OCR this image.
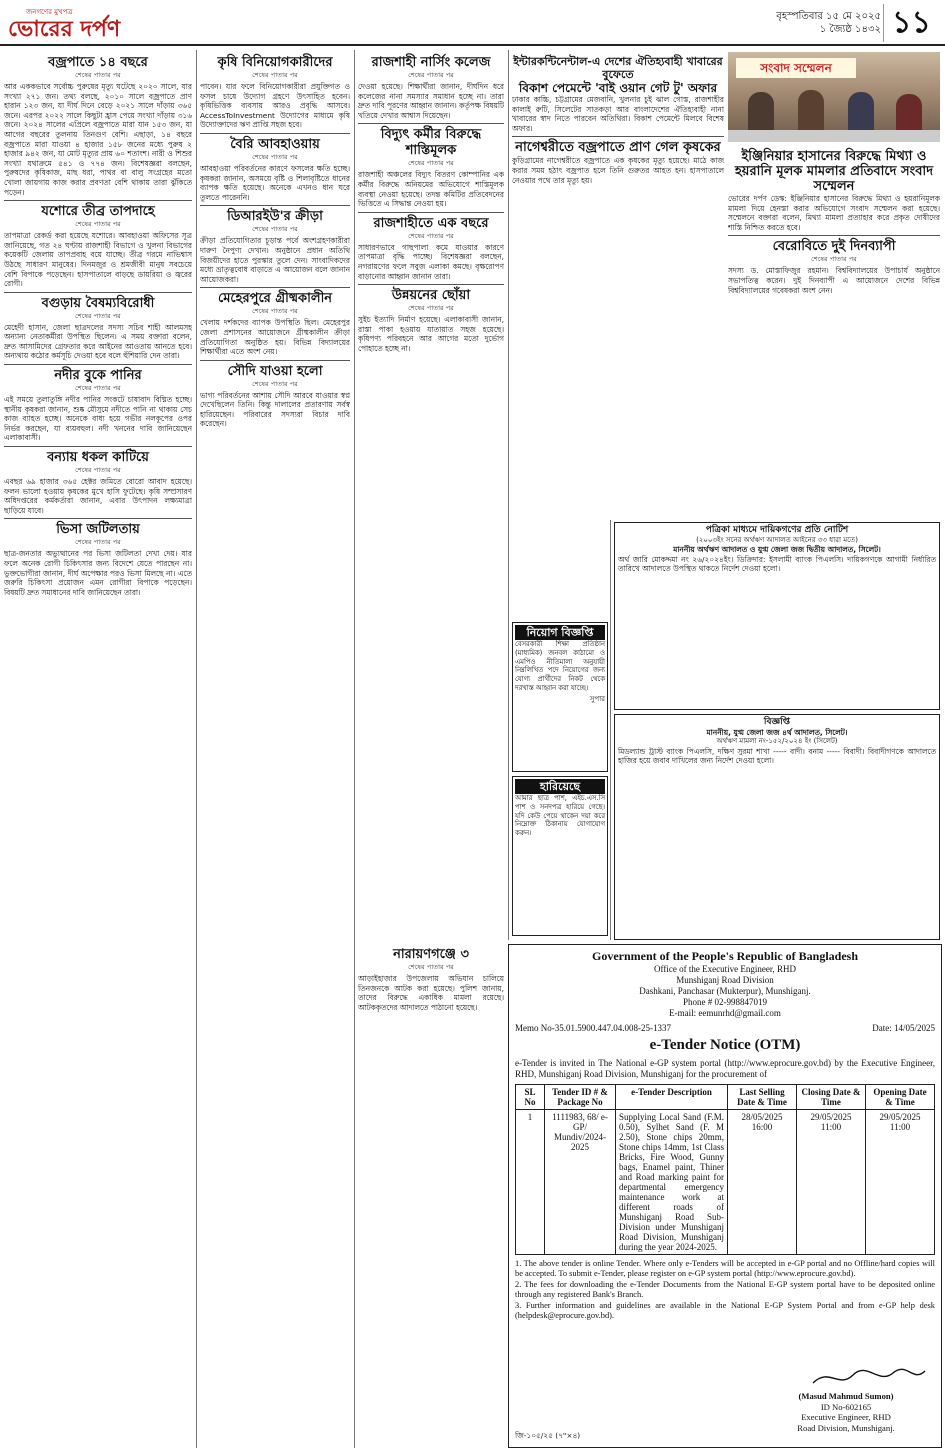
জনগণের মুখপত্র
ভোরের দর্পণ
বৃহস্পতিবার ১৫ মে ২০২৫
১ জ্যৈষ্ঠ ১৪৩২ ১১
বজ্রপাতে ১৪ বছরে
শেষের পাতার পর

আর এককভাবে সর্বোচ্চ পুরুষের মৃত্যু ঘটেছে ২০২০ সালে, যার সংখ্যা ২৭১ জন। তথ্য বলছে, ২০১০ সালে বজ্রপাতে প্রাণ হারান ১২৩ জন, যা দীর্ঘ দিনে বেড়ে ২০২১ সালে দাঁড়ায় ৩৬৫ জনে। এরপর ২০২২ সালে কিছুটা হ্রাস পেয়ে সংখ্যা দাঁড়ায় ৩১৬ জনে। ২০২৪ সালের এপ্রিলে বজ্রপাতে মারা যান ১৫৩ জন, যা আগের বছরের তুলনায় তিনগুণ বেশি। এছাড়া, ১৪ বছরে বজ্রপাতে মারা যাওয়া ৪ হাজার ১৫৮ জনের মধ্যে পুরুষ ২ হাজার ৯৪২ জন, যা মোট মৃত্যুর প্রায় ৬০ শতাংশ। নারী ও শিশুর সংখ্যা যথাক্রমে ৫৪১ ও ৭৭৪ জন। বিশেষজ্ঞরা বলছেন, পুরুষদের কৃষিকাজ, মাছ ধরা, পাথর বা বালু সংগ্রহের মতো খোলা জায়গায় কাজ করার প্রবণতা বেশি থাকায় তারা ঝুঁকিতে পড়েন।

যশোরে তীব্র তাপদাহে
শেষের পাতার পর

তাপমাত্রা রেকর্ড করা হয়েছে যশোরে। আবহাওয়া অফিসের সূত্র জানিয়েছে, গত ২৪ ঘণ্টায় রাজশাহী বিভাগে ও খুলনা বিভাগের কয়েকটি জেলায় তাপপ্রবাহ বয়ে যাচ্ছে। তীব্র গরমে নাভিশ্বাস উঠছে সাধারণ মানুষের। দিনমজুর ও শ্রমজীবী মানুষ সবচেয়ে বেশি বিপাকে পড়েছেন। হাসপাতালে বাড়ছে ডায়রিয়া ও জ্বরের রোগী।

বগুড়ায় বৈষম্যবিরোধী
শেষের পাতার পর

মেহেদী হাসান, জেলা ছাত্রদলের সদস্য সচিব শাহী আলমসহ অন্যান্য নেতাকর্মীরা উপস্থিত ছিলেন। এ সময় বক্তারা বলেন, দ্রুত আসামিদের গ্রেফতার করে আইনের আওতায় আনতে হবে। অন্যথায় কঠোর কর্মসূচি দেওয়া হবে বলে হুঁশিয়ারি দেন তারা।

নদীর বুকে পানির
শেষের পাতার পর

এই সময়ে তুলাতুঙ্গি নদীর পানির সংকটে চাষাবাদ বিঘ্নিত হচ্ছে। স্থানীয় কৃষকরা জানান, শুষ্ক মৌসুমে নদীতে পানি না থাকায় সেচ কাজ ব্যাহত হচ্ছে। অনেকে বাধ্য হয়ে গভীর নলকূপের ওপর নির্ভর করছেন, যা ব্যয়বহুল। নদী খননের দাবি জানিয়েছেন এলাকাবাসী।

বন্যায় ধকল কাটিয়ে
শেষের পাতার পর

এবছর ৬৯ হাজার ৩৬৫ হেক্টর জমিতে বোরো আবাদ হয়েছে। ফলন ভালো হওয়ায় কৃষকের মুখে হাসি ফুটেছে। কৃষি সম্প্রসারণ অধিদপ্তরের কর্মকর্তারা জানান, এবার উৎপাদন লক্ষ্যমাত্রা ছাড়িয়ে যাবে।

ভিসা জটিলতায়
শেষের পাতার পর

ছাত্র-জনতার অভ্যুত্থানের পর ভিসা জটিলতা দেখা দেয়। যার ফলে অনেক রোগী চিকিৎসার জন্য বিদেশে যেতে পারছেন না। ভুক্তভোগীরা জানান, দীর্ঘ অপেক্ষার পরও ভিসা মিলছে না। এতে জরুরি চিকিৎসা প্রয়োজন এমন রোগীরা বিপাকে পড়েছেন। বিষয়টি দ্রুত সমাধানের দাবি জানিয়েছেন তারা।

কৃষি বিনিয়োগকারীদের
শেষের পাতার পর

পাবেন। যার ফলে বিনিয়োগকারীরা প্রযুক্তিগত ও ফসল চাষে উদ্যোগ গ্রহণে উৎসাহিত হবেন। কৃষিভিত্তিক ব্যবসায় আরও প্রবৃদ্ধি আসবে। AccessToInvestment উদ্যোগের মাধ্যমে কৃষি উদ্যোক্তাদের ঋণ প্রাপ্তি সহজ হবে।

বৈরি আবহাওয়ায়
শেষের পাতার পর

আবহাওয়া পরিবর্তনের কারণে ফসলের ক্ষতি হচ্ছে। কৃষকরা জানান, অসময়ে বৃষ্টি ও শিলাবৃষ্টিতে ধানের ব্যাপক ক্ষতি হয়েছে। অনেকে এখনও ধান ঘরে তুলতে পারেননি।

ডিআরইউ'র ক্রীড়া
শেষের পাতার পর

ক্রীড়া প্রতিযোগিতার চূড়ান্ত পর্বে অংশগ্রহণকারীরা দারুণ নৈপুণ্য দেখান। অনুষ্ঠানে প্রধান অতিথি বিজয়ীদের হাতে পুরস্কার তুলে দেন। সাংবাদিকদের মধ্যে ভ্রাতৃত্ববোধ বাড়াতে এ আয়োজন বলে জানান আয়োজকরা।

মেহেরপুরে গ্রীষ্মকালীন
শেষের পাতার পর

খেলায় দর্শকদের ব্যাপক উপস্থিতি ছিল। মেহেরপুর জেলা প্রশাসনের আয়োজনে গ্রীষ্মকালীন ক্রীড়া প্রতিযোগিতা অনুষ্ঠিত হয়। বিভিন্ন বিদ্যালয়ের শিক্ষার্থীরা এতে অংশ নেয়।

সৌদি যাওয়া হলো
শেষের পাতার পর

ভাগ্য পরিবর্তনের আশায় সৌদি আরবে যাওয়ার স্বপ্ন দেখেছিলেন তিনি। কিন্তু দালালের প্রতারণায় সর্বস্ব হারিয়েছেন। পরিবারের সদস্যরা বিচার দাবি করেছেন।

রাজশাহী নার্সিং কলেজ
শেষের পাতার পর

দেওয়া হয়েছে। শিক্ষার্থীরা জানান, দীর্ঘদিন ধরে কলেজের নানা সমস্যার সমাধান হচ্ছে না। তারা দ্রুত দাবি পূরণের আহ্বান জানান। কর্তৃপক্ষ বিষয়টি খতিয়ে দেখার আশ্বাস দিয়েছেন।

বিদ্যুৎ কর্মীর বিরুদ্ধে শাস্তিমূলক
শেষের পাতার পর

রাজশাহী অঞ্চলের বিদ্যুৎ বিতরণ কোম্পানির এক কর্মীর বিরুদ্ধে অনিয়মের অভিযোগে শাস্তিমূলক ব্যবস্থা নেওয়া হয়েছে। তদন্ত কমিটির প্রতিবেদনের ভিত্তিতে এ সিদ্ধান্ত নেওয়া হয়।

রাজশাহীতে এক বছরে
শেষের পাতার পর

সাধারণভাবে গাছপালা কমে যাওয়ার কারণে তাপমাত্রা বৃদ্ধি পাচ্ছে। বিশেষজ্ঞরা বলছেন, নগরায়ণের ফলে সবুজ এলাকা কমছে। বৃক্ষরোপণ বাড়ানোর আহ্বান জানান তারা।

উন্নয়নের ছোঁয়া
শেষের পাতার পর

সুইচ ইত্যাদি নির্মাণ হয়েছে। এলাকাবাসী জানান, রাস্তা পাকা হওয়ায় যাতায়াত সহজ হয়েছে। কৃষিপণ্য পরিবহনে আর আগের মতো দুর্ভোগ পোহাতে হচ্ছে না।

ইন্টারকন্টিনেন্টাল-এ দেশের ঐতিহ্যবাহী খাবারের বুফেতে
বিকাশ পেমেন্টে 'বাই ওয়ান গেট টু' অফার

ঢাকার কাচ্চি, চট্টগ্রামের মেজবানি, খুলনার চুই ঝাল গোস্ত, রাজশাহীর কালাই রুটি, সিলেটের সাতকড়া আর বাংলাদেশের ঐতিহ্যবাহী নানা খাবারের স্বাদ নিতে পারবেন অতিথিরা। বিকাশ পেমেন্টে মিলবে বিশেষ অফার।

নাগেশ্বরীতে বজ্রপাতে প্রাণ গেল কৃষকের

কুড়িগ্রামের নাগেশ্বরীতে বজ্রপাতে এক কৃষকের মৃত্যু হয়েছে। মাঠে কাজ করার সময় হঠাৎ বজ্রপাত হলে তিনি গুরুতর আহত হন। হাসপাতালে নেওয়ার পথে তার মৃত্যু হয়।

সংবাদ সম্মেলন
ইঞ্জিনিয়ার হাসানের বিরুদ্ধে মিথ্যা ও হয়রানি মূলক মামলার প্রতিবাদে সংবাদ সম্মেলন

ভোরের দর্পণ ডেস্ক: ইঞ্জিনিয়ার হাসানের বিরুদ্ধে মিথ্যা ও হয়রানিমূলক মামলা দিয়ে হেনস্তা করার অভিযোগে সংবাদ সম্মেলন করা হয়েছে। সম্মেলনে বক্তারা বলেন, মিথ্যা মামলা প্রত্যাহার করে প্রকৃত দোষীদের শাস্তি নিশ্চিত করতে হবে।

বেরোবিতে দুই দিনব্যাপী
শেষের পাতার পর

সদস্য ড. মোস্তাফিজুর রহমান। বিশ্ববিদ্যালয়ের উপাচার্য অনুষ্ঠানে সভাপতিত্ব করেন। দুই দিনব্যাপী এ আয়োজনে দেশের বিভিন্ন বিশ্ববিদ্যালয়ের গবেষকরা অংশ নেন।

নিয়োগ বিজ্ঞপ্তি

বেসরকারী শিক্ষা প্রতিষ্ঠান (মাধ্যমিক) জনবল কাঠামো ও এমপিও নীতিমালা অনুযায়ী নিম্নলিখিত পদে নিয়োগের জন্য যোগ্য প্রার্থীদের নিকট থেকে দরখাস্ত আহ্বান করা যাচ্ছে।

সুপার
হারিয়েছে

আমার ছাত্র পাশ, এইচ.এস.সি পাশ ও সনদপত্র হারিয়ে গেছে। যদি কেউ পেয়ে থাকেন দয়া করে নিম্নোক্ত ঠিকানায় যোগাযোগ করুন।

পত্রিকা মাধ্যমে দায়িকগণের প্রতি নোটিশ
(২০০৩ইং সনের অর্থঋণ আদালত আইনের ৩৩ ধারা মতে)
মাননীয় অর্থঋণ আদালত ও যুগ্ম জেলা জজ দ্বিতীয় আদালত, সিলেট।

অর্থ জারি মোকদ্দমা নং ২৬/২০২৪ইং। ডিক্রিদার: ইসলামী ব্যাংক পিএলসি। দায়িকগণকে আগামী নির্ধারিত তারিখে আদালতে উপস্থিত থাকতে নির্দেশ দেওয়া হলো।

বিজ্ঞপ্তি
মাননীয়, যুগ্ম জেলা জজ ৪র্থ আদালত, সিলেট।
অর্থঋণ মামলা নং-১৫২/২০২৪ ইং (সিলেট)

মিডল্যান্ড ট্রাস্ট ব্যাংক পিএলসি, দক্ষিণ সুরমা শাখা ----- বাদী। বনাম ----- বিবাদী। বিবাদীগণকে আদালতে হাজির হয়ে জবাব দাখিলের জন্য নির্দেশ দেওয়া হলো।

নারায়ণগঞ্জে ৩
শেষের পাতার পর

আড়াইহাজার উপজেলায় অভিযান চালিয়ে তিনজনকে আটক করা হয়েছে। পুলিশ জানায়, তাদের বিরুদ্ধে একাধিক মামলা রয়েছে। আটককৃতদের আদালতে পাঠানো হয়েছে।

Government of the People's Republic of Bangladesh
Office of the Executive Engineer, RHD
Munshiganj Road Division
Dashkani, Panchasar (Mukterpur), Munshiganj.
Phone # 02-998847019
E-mail: eemunrhd@gmail.com
Memo No-35.01.5900.447.04.008-25-1337	Date: 14/05/2025
e-Tender Notice (OTM)
e-Tender is invited in The National e-GP system portal (http://www.eprocure.gov.bd) by the Executive Engineer, RHD, Munshiganj Road Division, Munshiganj for the procurement of
SL No	Tender ID # & Package No	e-Tender Description	Last Selling Date & Time	Closing Date & Time	Opening Date & Time
1	1111983, 68/ e-GP/ Mundiv/2024- 2025	Supplying Local Sand (F.M. 0.50), Sylhet Sand (F. M 2.50), Stone chips 20mm, Stone chips 14mm, 1st Class Bricks, Fire Wood, Gunny bags, Enamel paint, Thiner and Road marking paint for departmental emergency maintenance work at different roads of Munshiganj Road Sub-Division under Munshiganj Road Division, Munshiganj during the year 2024-2025.	28/05/2025 16:00	29/05/2025 11:00	29/05/2025 11:00
1. The above tender is online Tender. Where only e-Tenders will be accepted in e-GP portal and no Offline/hard copies will be accepted. To submit e-Tender, please register on e-GP system portal (http://www.eprocure.gov.bd).
2. The fees for downloading the e-Tender Documents from the National E-GP system portal have to be deposited online through any registered Bank's Branch.
3. Further information and guidelines are available in the National E-GP System Portal and from e-GP help desk (helpdesk@eprocure.gov.bd).
(Masud Mahmud Sumon)
ID No-602165
Executive Engineer, RHD
Road Division, Munshiganj.
জি-১০৫/২৫ (৭"×৪)
